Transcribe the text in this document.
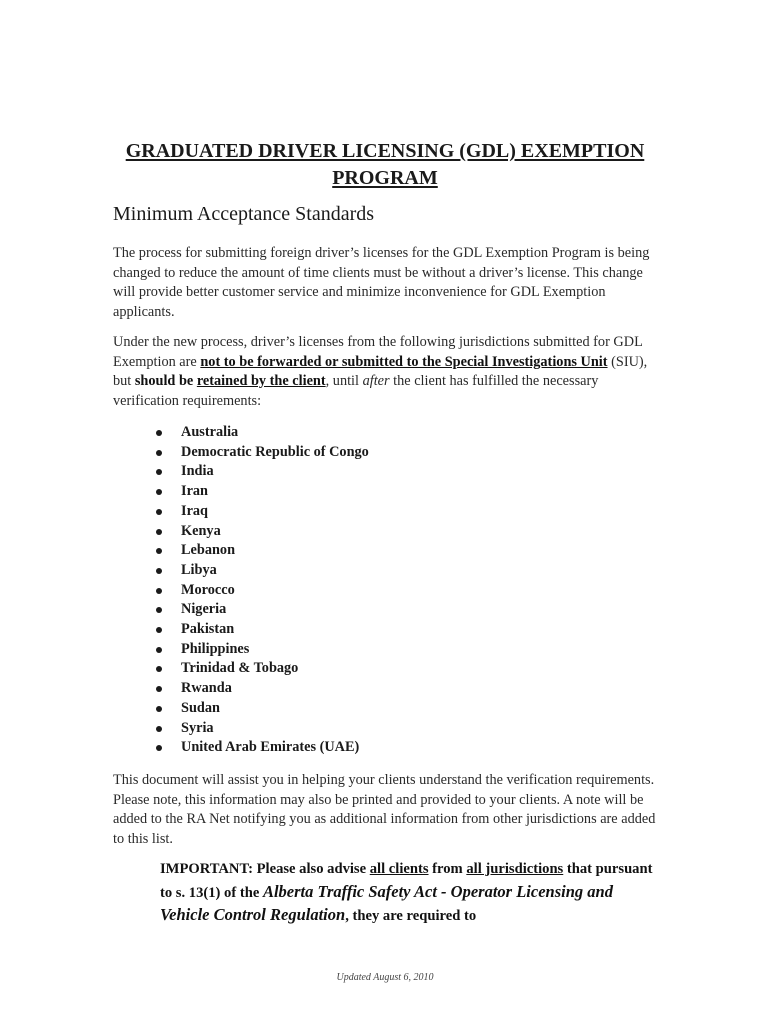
GRADUATED DRIVER LICENSING (GDL) EXEMPTION
PROGRAM
Minimum Acceptance Standards

The process for submitting foreign driver’s licenses for the GDL Exemption Program is being changed to reduce the amount of time clients must be without a driver’s license. This change will provide better customer service and minimize inconvenience for GDL Exemption applicants.

Under the new process, driver’s licenses from the following jurisdictions submitted for GDL Exemption are not to be forwarded or submitted to the Special Investigations Unit (SIU), but should be retained by the client, until after the client has fulfilled the necessary verification requirements:

Australia
Democratic Republic of Congo
India
Iran
Iraq
Kenya
Lebanon
Libya
Morocco
Nigeria
Pakistan
Philippines
Trinidad & Tobago
Rwanda
Sudan
Syria
United Arab Emirates (UAE)

This document will assist you in helping your clients understand the verification requirements. Please note, this information may also be printed and provided to your clients. A note will be added to the RA Net notifying you as additional information from other jurisdictions are added to this list.

IMPORTANT: Please also advise all clients from all jurisdictions that pursuant to s. 13(1) of the Alberta Traffic Safety Act - Operator Licensing and Vehicle Control Regulation, they are required to

Updated August 6, 2010
